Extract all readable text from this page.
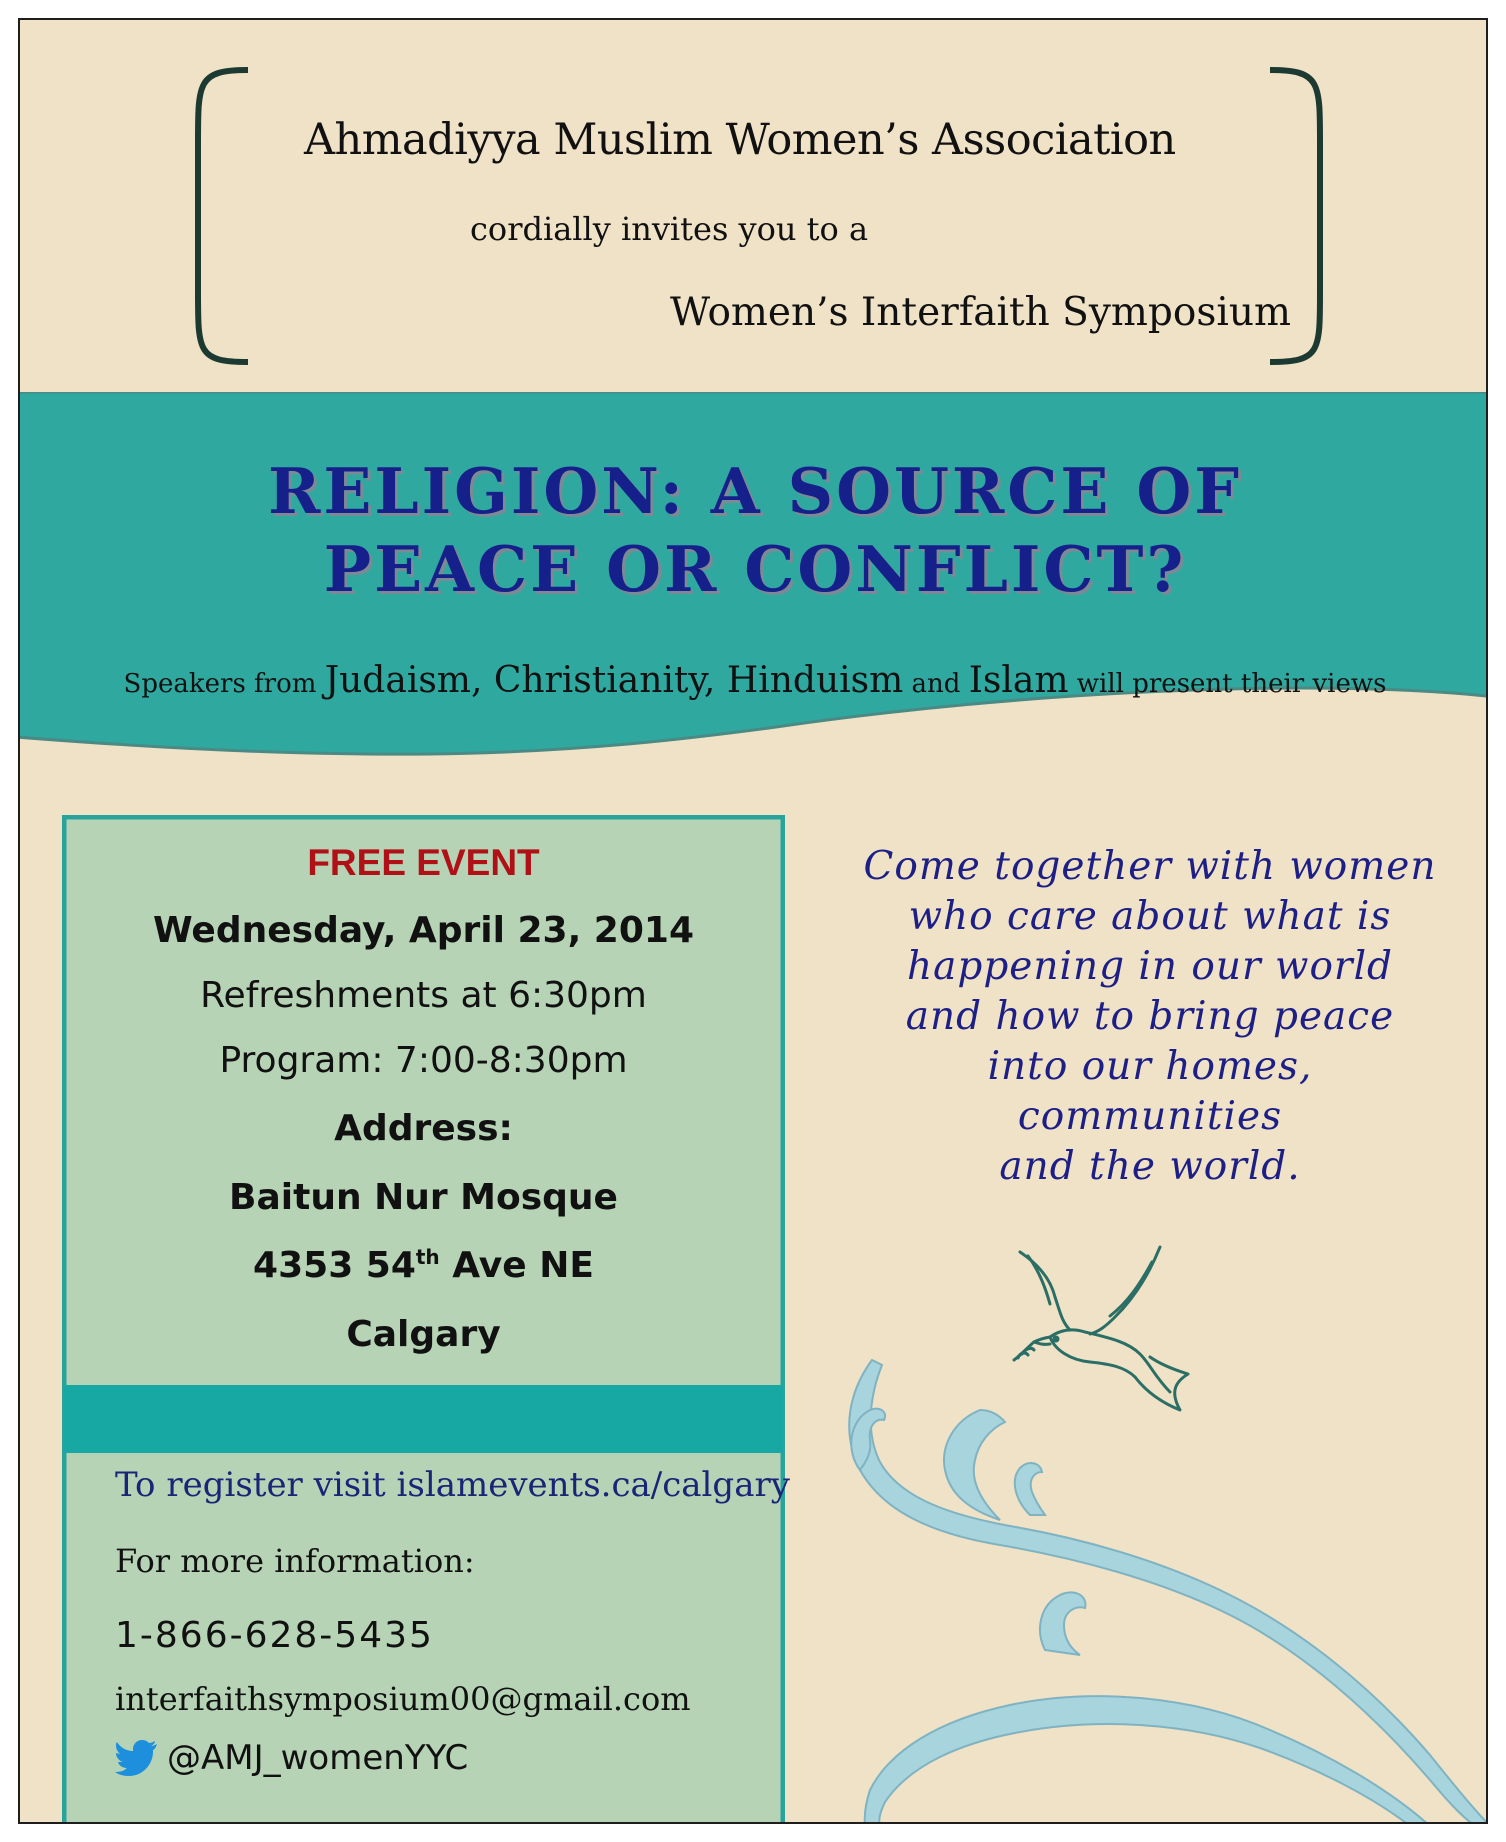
Ahmadiyya Muslim Women’s Association
cordially invites you to a
Women’s Interfaith Symposium
RELIGION: A SOURCE OF
PEACE OR CONFLICT?
Speakers from Judaism, Christianity, Hinduism and Islam will present their views
FREE EVENT
Wednesday, April 23, 2014
Refreshments at 6:30pm
Program: 7:00-8:30pm
Address:
Baitun Nur Mosque
4353 54th Ave NE
Calgary
To register visit islamevents.ca/calgary
For more information:
1-866-628-5435
interfaithsymposium00@gmail.com
@AMJ_womenYYC
Come together with women
who care about what is
happening in our world
and how to bring peace
into our homes,
communities
and the world.
